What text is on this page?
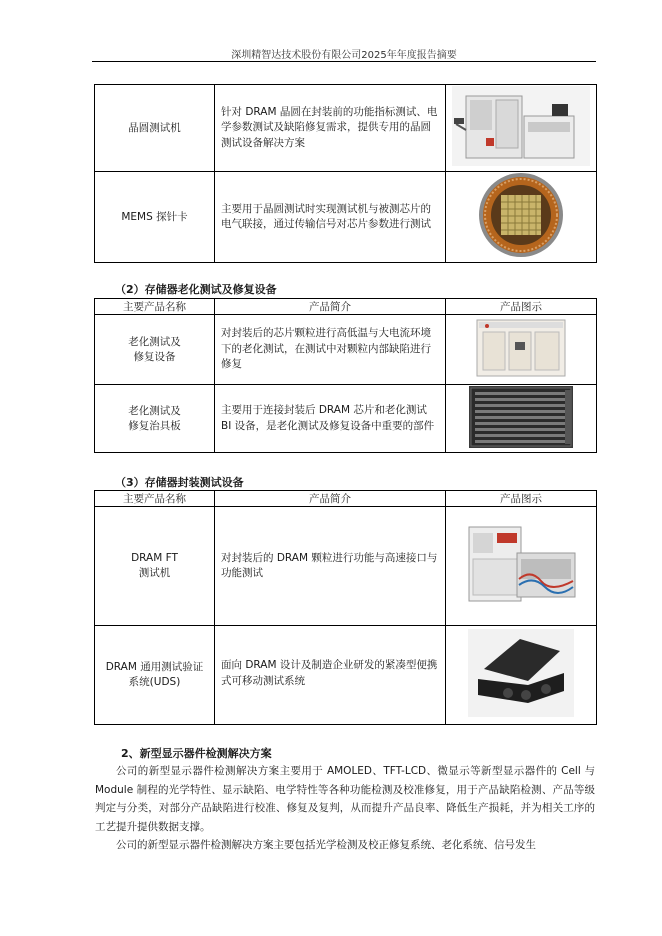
深圳精智达技术股份有限公司2025年年度报告摘要
晶圆测试机	针对 DRAM 晶圆在封装前的功能指标测试、电学参数测试及缺陷修复需求，提供专用的晶圆测试设备解决方案	
MEMS 探针卡	主要用于晶圆测试时实现测试机与被测芯片的电气联接，通过传输信号对芯片参数进行测试	
（2）存储器老化测试及修复设备
主要产品名称	产品简介	产品图示

老化测试及
修复设备	对封装后的芯片颗粒进行高低温与大电流环境下的老化测试，在测试中对颗粒内部缺陷进行修复	

老化测试及
修复治具板	主要用于连接封装后 DRAM 芯片和老化测试 BI 设备，是老化测试及修复设备中重要的部件	
（3）存储器封装测试设备
主要产品名称	产品简介	产品图示

DRAM FT
测试机	对封装后的 DRAM 颗粒进行功能与高速接口与功能测试	

DRAM 通用测试验证
系统(UDS)	面向 DRAM 设计及制造企业研发的紧凑型便携式可移动测试系统	
2、新型显示器件检测解决方案

公司的新型显示器件检测解决方案主要用于 AMOLED、TFT-LCD、微显示等新型显示器件的 Cell 与 Module 制程的光学特性、显示缺陷、电学特性等各种功能检测及校准修复，用于产品缺陷检测、产品等级判定与分类，对部分产品缺陷进行校准、修复及复判，从而提升产品良率、降低生产损耗，并为相关工序的工艺提升提供数据支撑。

公司的新型显示器件检测解决方案主要包括光学检测及校正修复系统、老化系统、信号发生
